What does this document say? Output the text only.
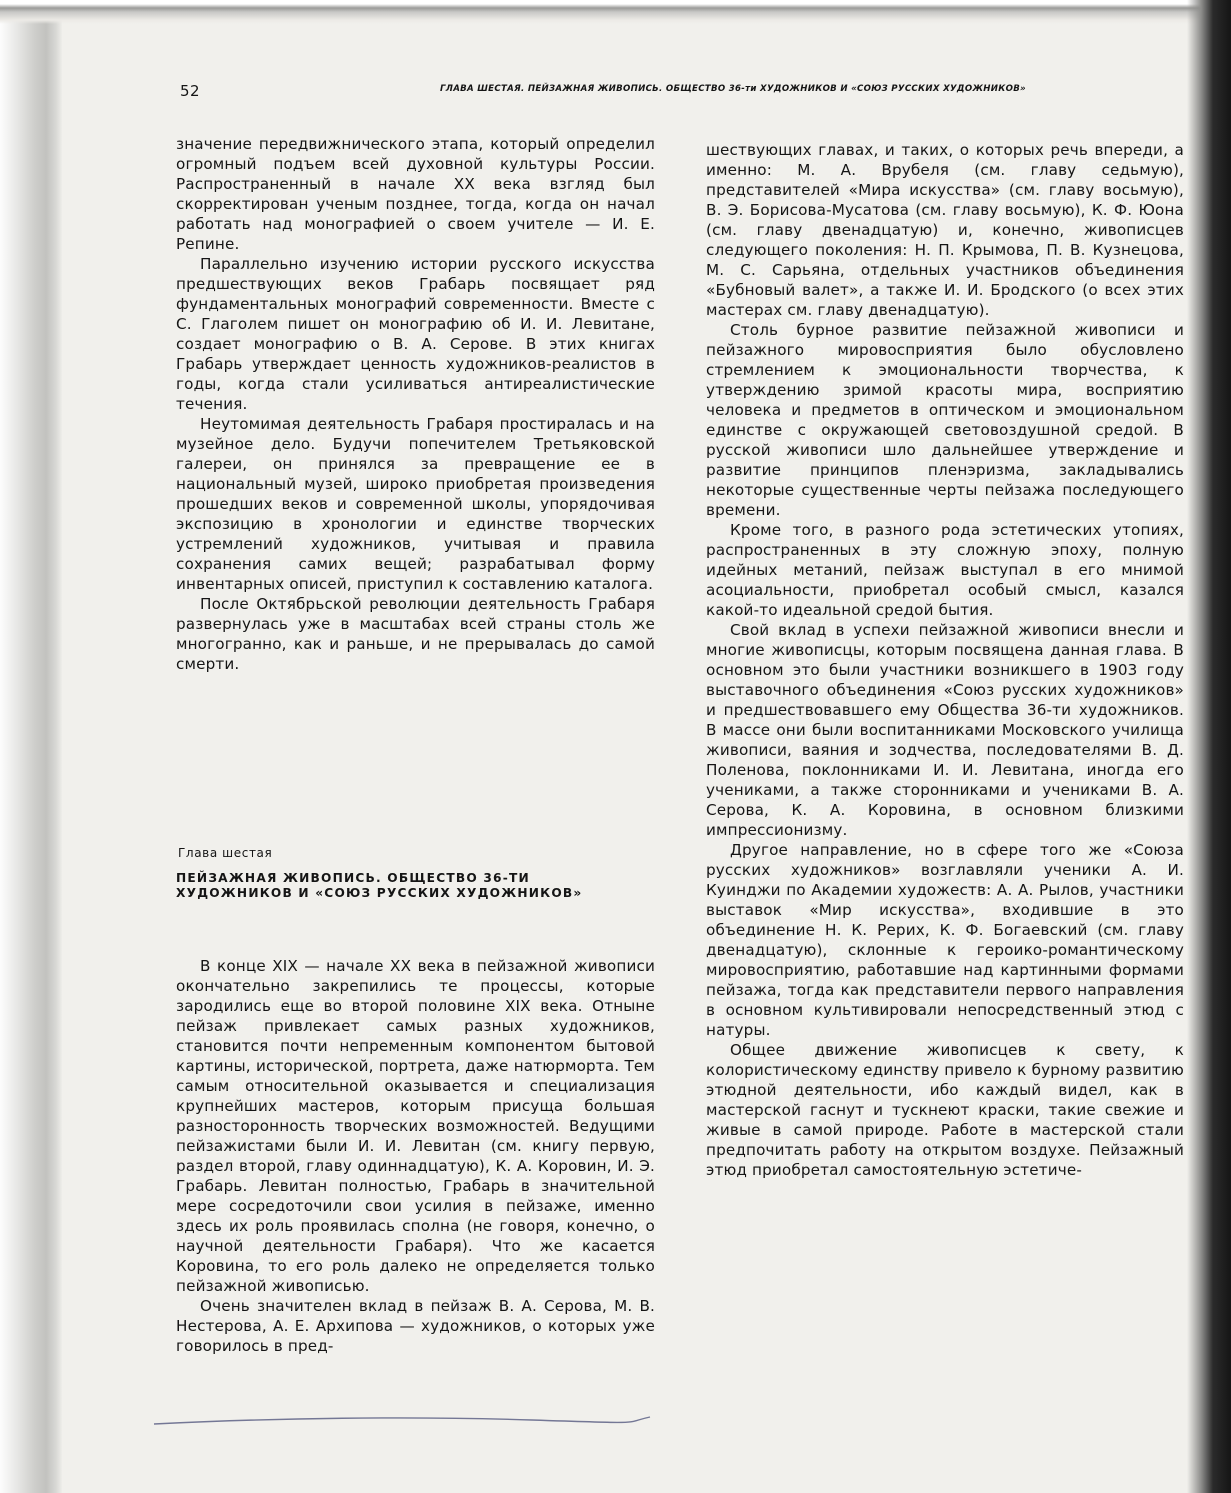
52	ГЛАВА ШЕСТАЯ. ПЕЙЗАЖНАЯ ЖИВОПИСЬ. ОБЩЕСТВО 36-ти ХУДОЖНИКОВ И «СОЮЗ РУССКИХ ХУДОЖНИКОВ»

значение передвижнического этапа, который определил огромный подъем всей духовной культуры России. Распространенный в начале XX века взгляд был скорректирован ученым позднее, тогда, когда он начал работать над монографией о своем учителе — И. Е. Репине.

Параллельно изучению истории русского искусства предшествующих веков Грабарь посвящает ряд фундаментальных монографий современности. Вместе с С. Глаголем пишет он монографию об И. И. Левитане, создает монографию о В. А. Серове. В этих книгах Грабарь утверждает ценность художников-реалистов в годы, когда стали усиливаться антиреалистические течения.

Неутомимая деятельность Грабаря простиралась и на музейное дело. Будучи попечителем Третьяковской галереи, он принялся за превращение ее в национальный музей, широко приобретая произведения прошедших веков и современной школы, упорядочивая экспозицию в хронологии и единстве творческих устремлений художников, учитывая и правила сохранения самих вещей; разрабатывал форму инвентарных описей, приступил к составлению каталога.

После Октябрьской революции деятельность Грабаря развернулась уже в масштабах всей страны столь же многогранно, как и раньше, и не прерывалась до самой смерти.

Глава шестая
ПЕЙЗАЖНАЯ ЖИВОПИСЬ. ОБЩЕСТВО 36-ТИ ХУДОЖНИКОВ И «СОЮЗ РУССКИХ ХУДОЖНИКОВ»

В конце XIX — начале XX века в пейзажной живописи окончательно закрепились те процессы, которые зародились еще во второй половине XIX века. Отныне пейзаж привлекает самых разных художников, становится почти непременным компонентом бытовой картины, исторической, портрета, даже натюрморта. Тем самым относительной оказывается и специализация крупнейших мастеров, которым присуща большая разносторонность творческих возможностей. Ведущими пейзажистами были И. И. Левитан (см. книгу первую, раздел второй, главу одиннадцатую), К. А. Коровин, И. Э. Грабарь. Левитан полностью, Грабарь в значительной мере сосредоточили свои усилия в пейзаже, именно здесь их роль проявилась сполна (не говоря, конечно, о научной деятельности Грабаря). Что же касается Коровина, то его роль далеко не определяется только пейзажной живописью.

Очень значителен вклад в пейзаж В. А. Серова, М. В. Нестерова, А. Е. Архипова — художников, о которых уже говорилось в пред-

шествующих главах, и таких, о которых речь впереди, а именно: М. А. Врубеля (см. главу седьмую), представителей «Мира искусства» (см. главу восьмую), В. Э. Борисова-Мусатова (см. главу восьмую), К. Ф. Юона (см. главу двенадцатую) и, конечно, живописцев следующего поколения: Н. П. Крымова, П. В. Кузнецова, М. С. Сарьяна, отдельных участников объединения «Бубновый валет», а также И. И. Бродского (о всех этих мастерах см. главу двенадцатую).

Столь бурное развитие пейзажной живописи и пейзажного мировосприятия было обусловлено стремлением к эмоциональности творчества, к утверждению зримой красоты мира, восприятию человека и предметов в оптическом и эмоциональном единстве с окружающей световоздушной средой. В русской живописи шло дальнейшее утверждение и развитие принципов пленэризма, закладывались некоторые существенные черты пейзажа последующего времени.

Кроме того, в разного рода эстетических утопиях, распространенных в эту сложную эпоху, полную идейных метаний, пейзаж выступал в его мнимой асоциальности, приобретал особый смысл, казался какой-то идеальной средой бытия.

Свой вклад в успехи пейзажной живописи внесли и многие живописцы, которым посвящена данная глава. В основном это были участники возникшего в 1903 году выставочного объединения «Союз русских художников» и предшествовавшего ему Общества 36-ти художников. В массе они были воспитанниками Московского училища живописи, ваяния и зодчества, последователями В. Д. Поленова, поклонниками И. И. Левитана, иногда его учениками, а также сторонниками и учениками В. А. Серова, К. А. Коровина, в основном близкими импрессионизму.

Другое направление, но в сфере того же «Союза русских художников» возглавляли ученики А. И. Куинджи по Академии художеств: А. А. Рылов, участники выставок «Мир искусства», входившие в это объединение Н. К. Рерих, К. Ф. Богаевский (см. главу двенадцатую), склонные к героико-романтическому мировосприятию, работавшие над картинными формами пейзажа, тогда как представители первого направления в основном культивировали непосредственный этюд с натуры.

Общее движение живописцев к свету, к колористическому единству привело к бурному развитию этюдной деятельности, ибо каждый видел, как в мастерской гаснут и тускнеют краски, такие свежие и живые в самой природе. Работе в мастерской стали предпочитать работу на открытом воздухе. Пейзажный этюд приобретал самостоятельную эстетиче-
